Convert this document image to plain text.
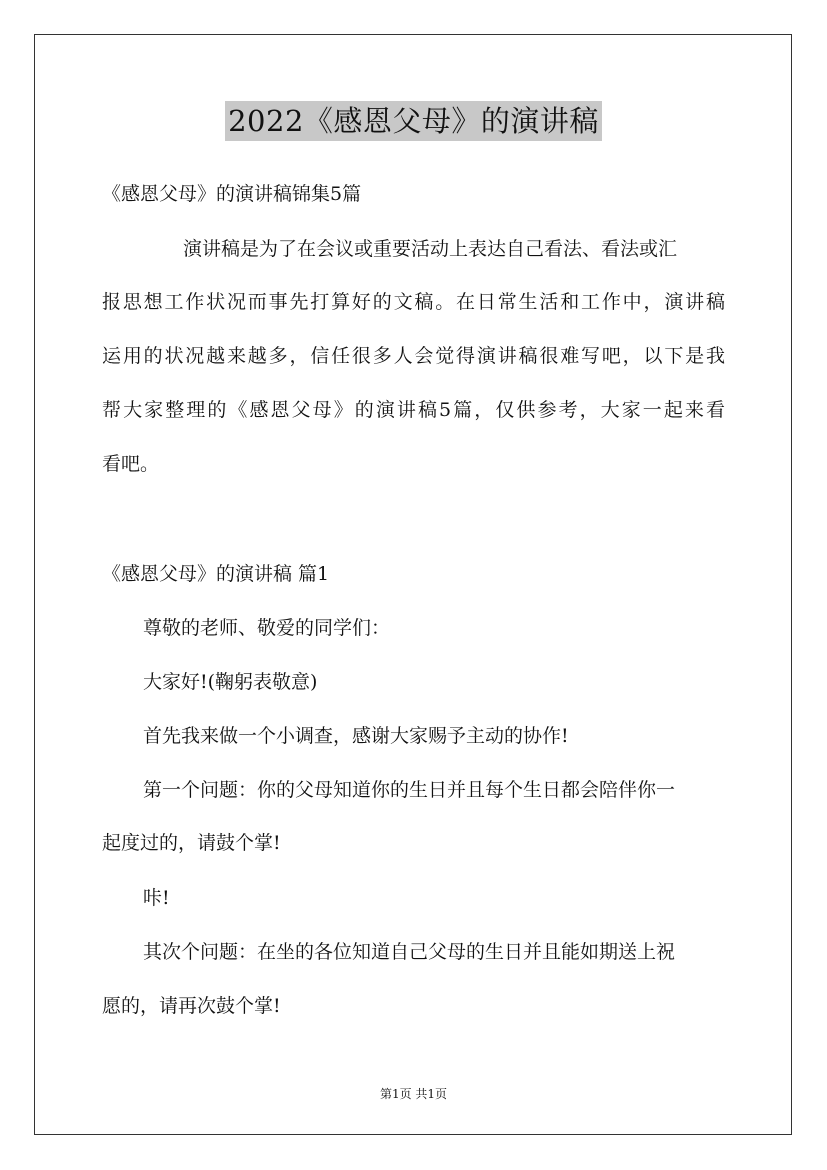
2022《感恩父母》的演讲稿
《感恩父母》的演讲稿锦集5篇
演讲稿是为了在会议或重要活动上表达自己看法、看法或汇
报思想工作状况而事先打算好的文稿。在日常生活和工作中，演讲稿
运用的状况越来越多，信任很多人会觉得演讲稿很难写吧，以下是我
帮大家整理的《感恩父母》的演讲稿5篇，仅供参考，大家一起来看
看吧。
《感恩父母》的演讲稿 篇1
尊敬的老师、敬爱的同学们：
大家好!(鞠躬表敬意)
首先我来做一个小调查，感谢大家赐予主动的协作!
第一个问题：你的父母知道你的生日并且每个生日都会陪伴你一
起度过的，请鼓个掌!
咔!
其次个问题：在坐的各位知道自己父母的生日并且能如期送上祝
愿的，请再次鼓个掌!
第1页 共1页
